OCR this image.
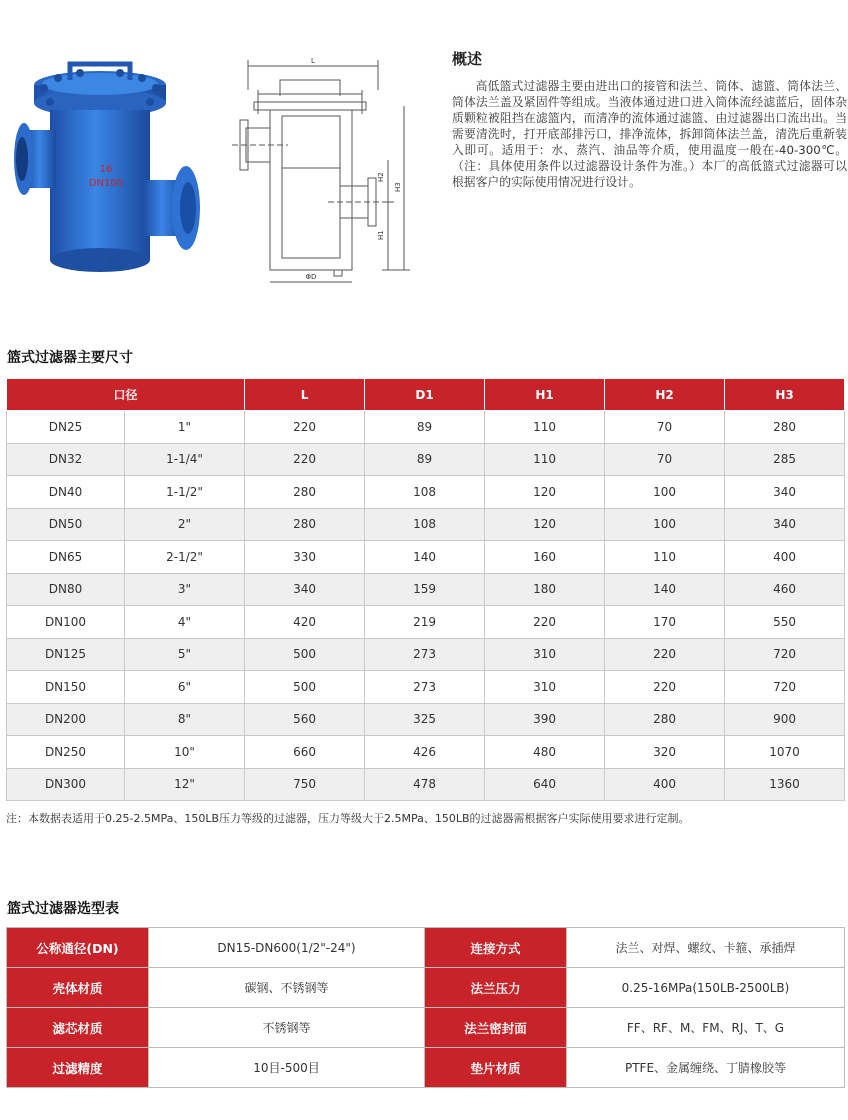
16
DN100
L
ΦD
H2
H1
H3
概述
高低篮式过滤器主要由进出口的接管和法兰、筒体、滤篮、筒体法兰、筒体法兰盖及紧固件等组成。当液体通过进口进入筒体流经滤蓝后，固体杂质颗粒被阻挡在滤篮内，而清净的流体通过滤篮、由过滤器出口流出出。当需要清洗时，打开底部排污口，排净流体，拆卸筒体法兰盖，清洗后重新装入即可。适用于：水、蒸汽、油品等介质，使用温度一般在-40-300℃。（注：具体使用条件以过滤器设计条件为准。）本厂的高低篮式过滤器可以根据客户的实际使用情况进行设计。
篮式过滤器主要尺寸
口径		L	D1	H1	H2	H3
DN25	1"	220	89	110	70	280
DN32	1-1/4"	220	89	110	70	285
DN40	1-1/2"	280	108	120	100	340
DN50	2"	280	108	120	100	340
DN65	2-1/2"	330	140	160	110	400
DN80	3"	340	159	180	140	460
DN100	4"	420	219	220	170	550
DN125	5"	500	273	310	220	720
DN150	6"	500	273	310	220	720
DN200	8"	560	325	390	280	900
DN250	10"	660	426	480	320	1070
DN300	12"	750	478	640	400	1360
注：本数据表适用于0.25-2.5MPa、150LB压力等级的过滤器，压力等级大于2.5MPa、150LB的过滤器需根据客户实际使用要求进行定制。
篮式过滤器选型表
公称通径(DN)	DN15-DN600(1/2"-24")	连接方式	法兰、对焊、螺纹、卡箍、承插焊
壳体材质	碳钢、不锈钢等	法兰压力	0.25-16MPa(150LB-2500LB)
滤芯材质	不锈钢等	法兰密封面	FF、RF、M、FM、RJ、T、G
过滤精度	10目-500目	垫片材质	PTFE、金属缠绕、丁腈橡胶等
